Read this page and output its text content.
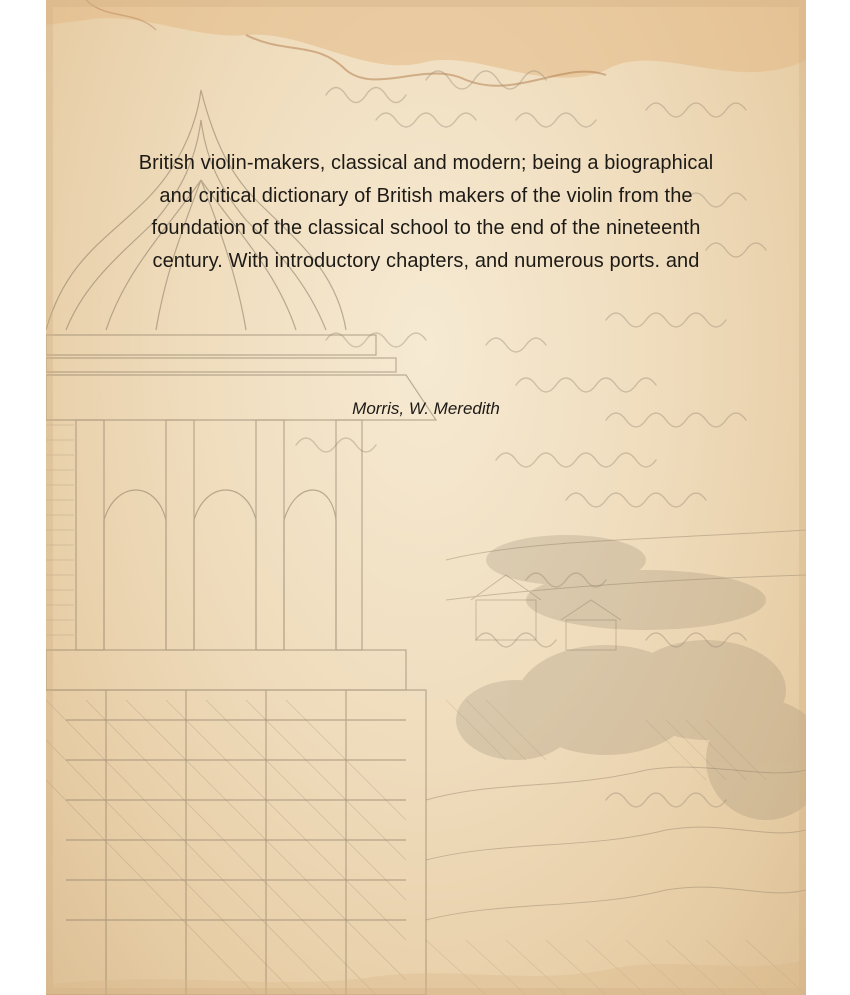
British violin-makers, classical and modern; being a biographical and critical dictionary of British makers of the violin from the foundation of the classical school to the end of the nineteenth century. With introductory chapters, and numerous ports. and

Morris, W. Meredith
